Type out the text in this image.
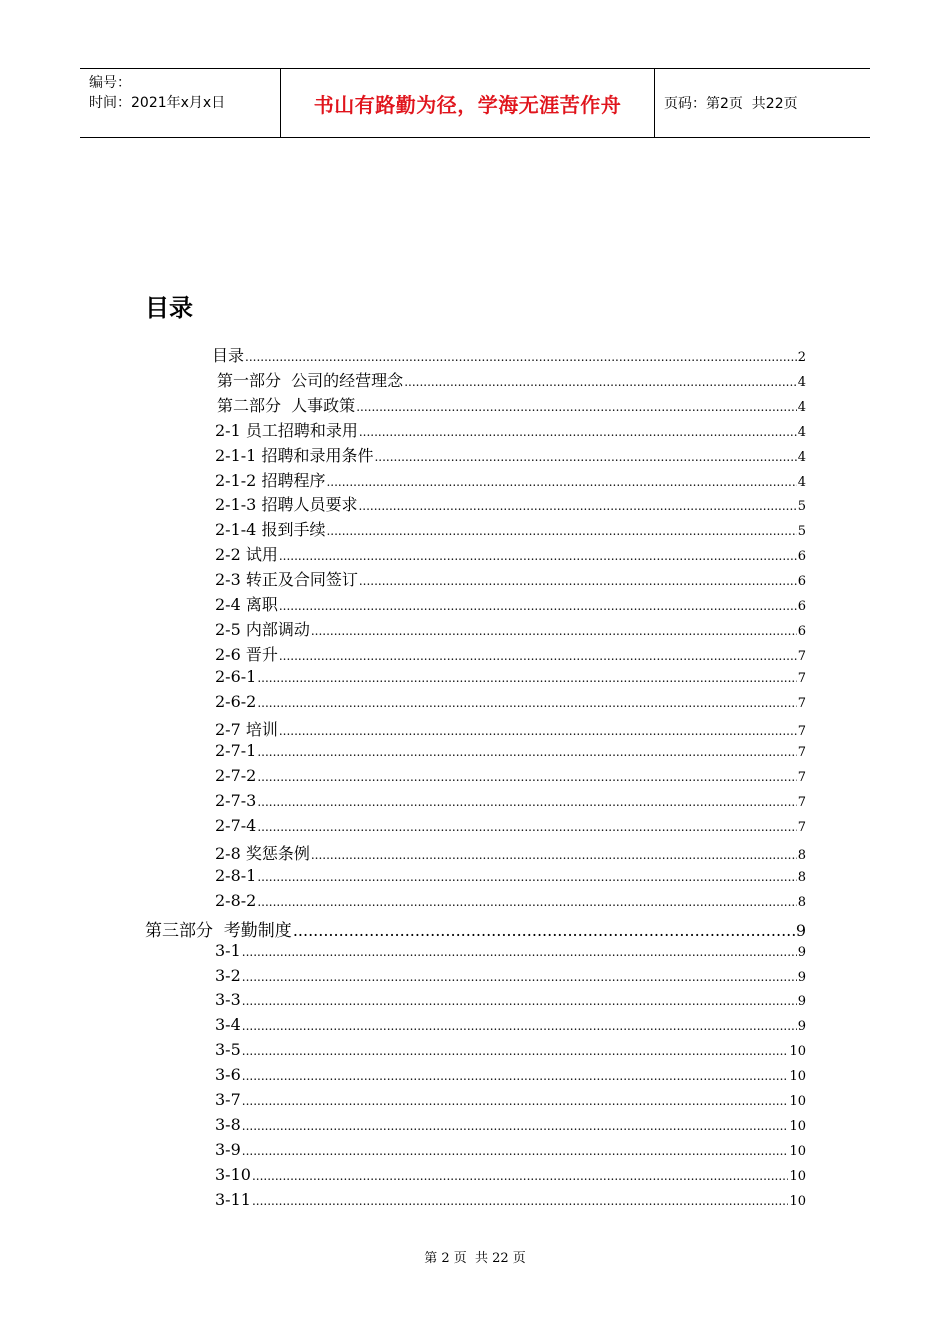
编号：
时间：2021年x月x日	书山有路勤为径，学海无涯苦作舟	页码：第2页  共22页
目录
目录 .....	2
第一部分  公司的经营理念 .....	4
第二部分  人事政策 .....	4
2-1 员工招聘和录用 .....	4
2-1-1 招聘和录用条件 .....	4
2-1-2 招聘程序 .....	4
2-1-3 招聘人员要求 .....	5
2-1-4 报到手续 .....	5
2-2 试用 .....	6
2-3 转正及合同签订 .....	6
2-4 离职 .....	6
2-5 内部调动 .....	6
2-6 晋升 .....	7
2-6-1 .....	7
2-6-2 .....	7
2-7 培训 .....	7
2-7-1 .....	7
2-7-2 .....	7
2-7-3 .....	7
2-7-4 .....	7
2-8 奖惩条例 .....	8
2-8-1 .....	8
2-8-2 .....	8
第三部分  考勤制度 .....	9
3-1 .....	9
3-2 .....	9
3-3 .....	9
3-4 .....	9
3-5 .....	10
3-6 .....	10
3-7 .....	10
3-8 .....	10
3-9 .....	10
3-10 .....	10
3-11 .....	10
第 2 页  共 22 页
